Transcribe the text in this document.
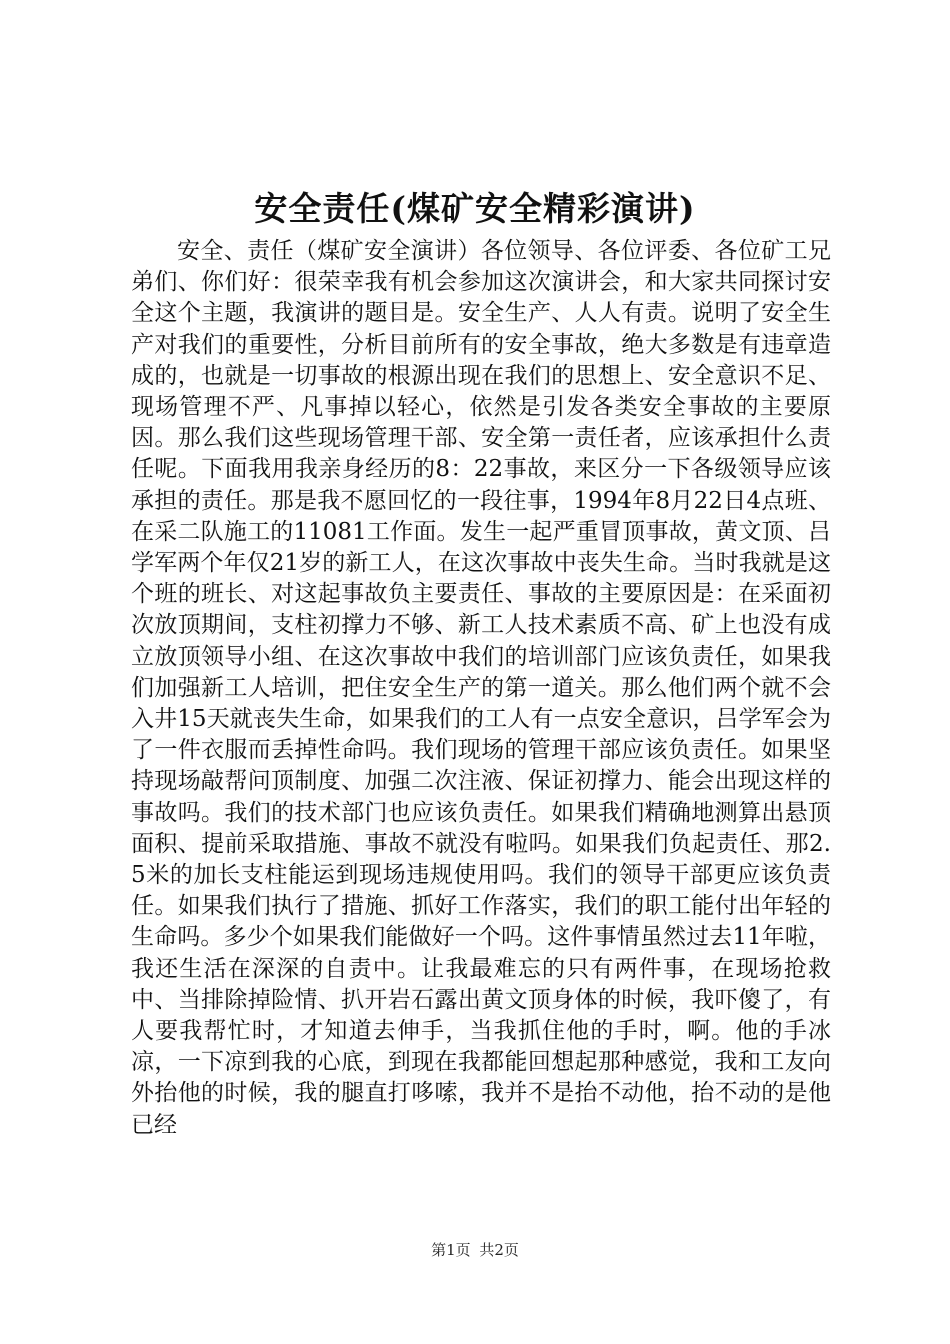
安全责任(煤矿安全精彩演讲)

安全、责任（煤矿安全演讲）各位领导、各位评委、各位矿工兄弟们、你们好：很荣幸我有机会参加这次演讲会，和大家共同探讨安全这个主题，我演讲的题目是。安全生产、人人有责。说明了安全生产对我们的重要性，分析目前所有的安全事故，绝大多数是有违章造成的，也就是一切事故的根源出现在我们的思想上、安全意识不足、现场管理不严、凡事掉以轻心，依然是引发各类安全事故的主要原因。那么我们这些现场管理干部、安全第一责任者，应该承担什么责任呢。下面我用我亲身经历的8：22事故，来区分一下各级领导应该承担的责任。那是我不愿回忆的一段往事，1994年8月22日4点班、在采二队施工的11081工作面。发生一起严重冒顶事故，黄文顶、吕学军两个年仅21岁的新工人，在这次事故中丧失生命。当时我就是这个班的班长、对这起事故负主要责任、事故的主要原因是：在采面初次放顶期间，支柱初撑力不够、新工人技术素质不高、矿上也没有成立放顶领导小组、在这次事故中我们的培训部门应该负责任，如果我们加强新工人培训，把住安全生产的第一道关。那么他们两个就不会入井15天就丧失生命，如果我们的工人有一点安全意识，吕学军会为了一件衣服而丢掉性命吗。我们现场的管理干部应该负责任。如果坚持现场敲帮问顶制度、加强二次注液、保证初撑力、能会出现这样的事故吗。我们的技术部门也应该负责任。如果我们精确地测算出悬顶面积、提前采取措施、事故不就没有啦吗。如果我们负起责任、那2.5米的加长支柱能运到现场违规使用吗。我们的领导干部更应该负责任。如果我们执行了措施、抓好工作落实，我们的职工能付出年轻的生命吗。多少个如果我们能做好一个吗。这件事情虽然过去11年啦，我还生活在深深的自责中。让我最难忘的只有两件事，在现场抢救中、当排除掉险情、扒开岩石露出黄文顶身体的时候，我吓傻了，有人要我帮忙时，才知道去伸手，当我抓住他的手时，啊。他的手冰凉，一下凉到我的心底，到现在我都能回想起那种感觉，我和工友向外抬他的时候，我的腿直打哆嗦，我并不是抬不动他，抬不动的是他已经

第1页 共2页
